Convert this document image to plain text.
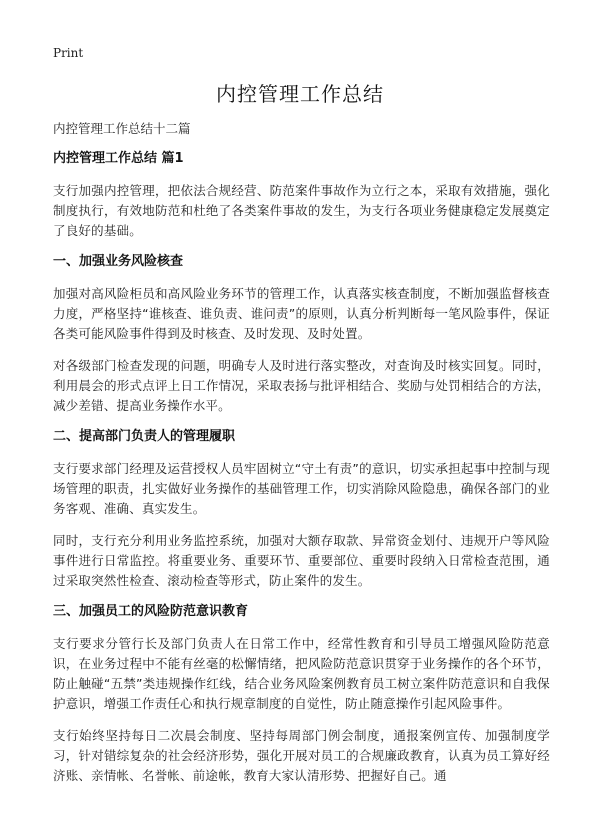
Print
内控管理工作总结

内控管理工作总结十二篇

内控管理工作总结 篇1

支行加强内控管理，把依法合规经营、防范案件事故作为立行之本，采取有效措施，强化制度执行，有效地防范和杜绝了各类案件事故的发生，为支行各项业务健康稳定发展奠定了良好的基础。

一、加强业务风险核查

加强对高风险柜员和高风险业务环节的管理工作，认真落实核查制度，不断加强监督核查力度，严格坚持“谁核查、谁负责、谁问责”的原则，认真分析判断每一笔风险事件，保证各类可能风险事件得到及时核查、及时发现、及时处置。

对各级部门检查发现的问题，明确专人及时进行落实整改，对查询及时核实回复。同时，利用晨会的形式点评上日工作情况，采取表扬与批评相结合、奖励与处罚相结合的方法，减少差错、提高业务操作水平。

二、提高部门负责人的管理履职

支行要求部门经理及运营授权人员牢固树立“守土有责”的意识，切实承担起事中控制与现场管理的职责，扎实做好业务操作的基础管理工作，切实消除风险隐患，确保各部门的业务客观、准确、真实发生。

同时，支行充分利用业务监控系统，加强对大额存取款、异常资金划付、违规开户等风险事件进行日常监控。将重要业务、重要环节、重要部位、重要时段纳入日常检查范围，通过采取突然性检查、滚动检查等形式，防止案件的发生。

三、加强员工的风险防范意识教育

支行要求分管行长及部门负责人在日常工作中，经常性教育和引导员工增强风险防范意识，在业务过程中不能有丝毫的松懈情绪，把风险防范意识贯穿于业务操作的各个环节，防止触碰“五禁”类违规操作红线，结合业务风险案例教育员工树立案件防范意识和自我保护意识，增强工作责任心和执行规章制度的自觉性，防止随意操作引起风险事件。

支行始终坚持每日二次晨会制度、坚持每周部门例会制度，通报案例宣传、加强制度学习，针对错综复杂的社会经济形势，强化开展对员工的合规廉政教育，认真为员工算好经济账、亲情帐、名誉帐、前途帐，教育大家认清形势、把握好自己。通
